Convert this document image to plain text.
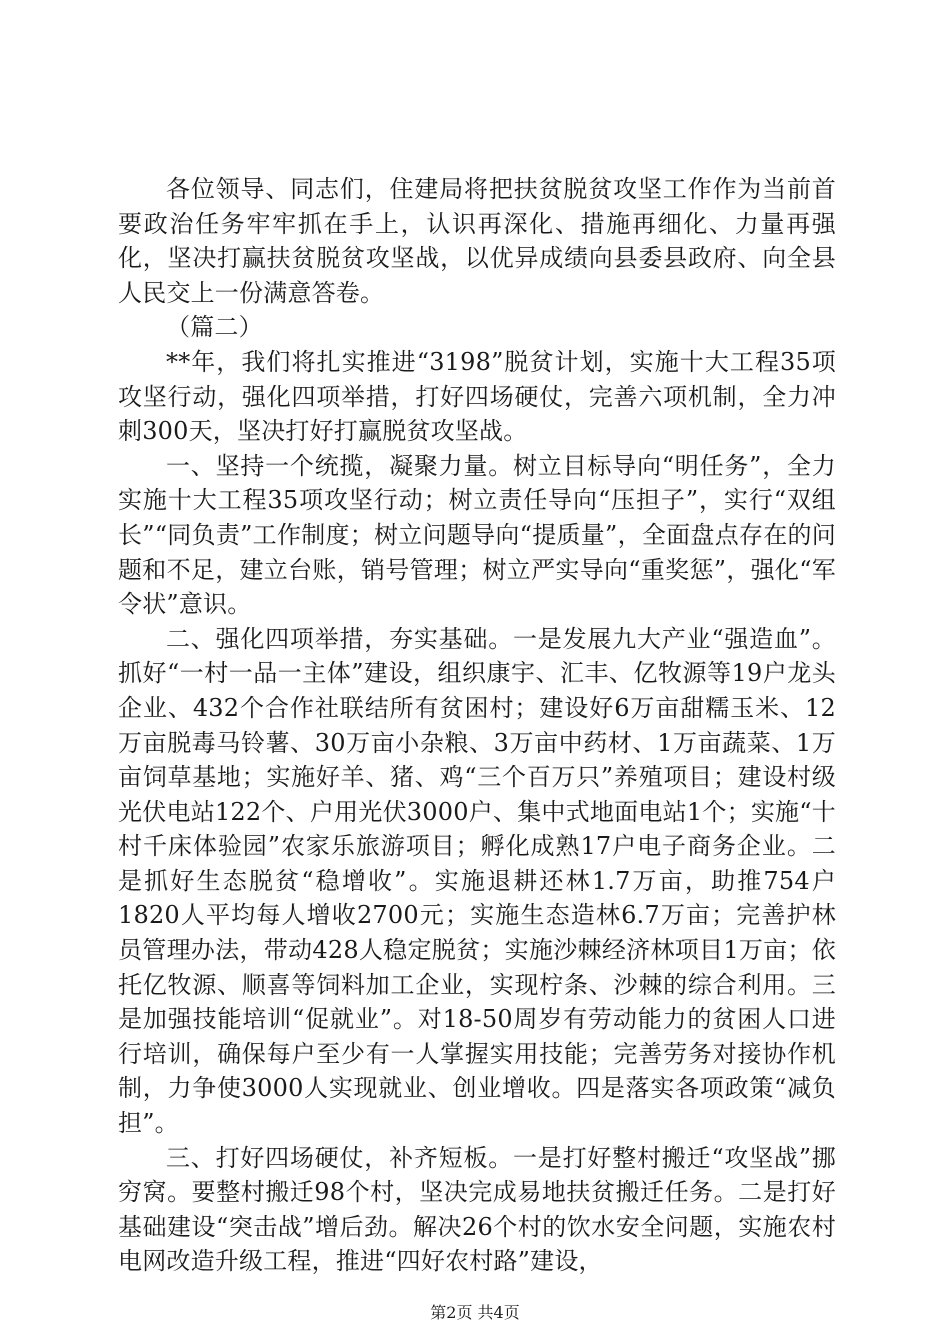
各位领导、同志们，住建局将把扶贫脱贫攻坚工作作为当前首要政治任务牢牢抓在手上，认识再深化、措施再细化、力量再强化，坚决打赢扶贫脱贫攻坚战，以优异成绩向县委县政府、向全县人民交上一份满意答卷。

（篇二）

**年，我们将扎实推进“3198”脱贫计划，实施十大工程35项攻坚行动，强化四项举措，打好四场硬仗，完善六项机制，全力冲刺300天，坚决打好打赢脱贫攻坚战。

一、坚持一个统揽，凝聚力量。树立目标导向“明任务”，全力实施十大工程35项攻坚行动；树立责任导向“压担子”，实行“双组长”“同负责”工作制度；树立问题导向“提质量”，全面盘点存在的问题和不足，建立台账，销号管理；树立严实导向“重奖惩”，强化“军令状”意识。

二、强化四项举措，夯实基础。一是发展九大产业“强造血”。抓好“一村一品一主体”建设，组织康宇、汇丰、亿牧源等19户龙头企业、432个合作社联结所有贫困村；建设好6万亩甜糯玉米、12万亩脱毒马铃薯、30万亩小杂粮、3万亩中药材、1万亩蔬菜、1万亩饲草基地；实施好羊、猪、鸡“三个百万只”养殖项目；建设村级光伏电站122个、户用光伏3000户、集中式地面电站1个；实施“十村千床体验园”农家乐旅游项目；孵化成熟17户电子商务企业。二是抓好生态脱贫“稳增收”。实施退耕还林1.7万亩，助推754户1820人平均每人增收2700元；实施生态造林6.7万亩；完善护林员管理办法，带动428人稳定脱贫；实施沙棘经济林项目1万亩；依托亿牧源、顺喜等饲料加工企业，实现柠条、沙棘的综合利用。三是加强技能培训“促就业”。对18-50周岁有劳动能力的贫困人口进行培训，确保每户至少有一人掌握实用技能；完善劳务对接协作机制，力争使3000人实现就业、创业增收。四是落实各项政策“减负担”。

三、打好四场硬仗，补齐短板。一是打好整村搬迁“攻坚战”挪穷窝。要整村搬迁98个村，坚决完成易地扶贫搬迁任务。二是打好基础建设“突击战”增后劲。解决26个村的饮水安全问题，实施农村电网改造升级工程，推进“四好农村路”建设，

第2页 共4页
